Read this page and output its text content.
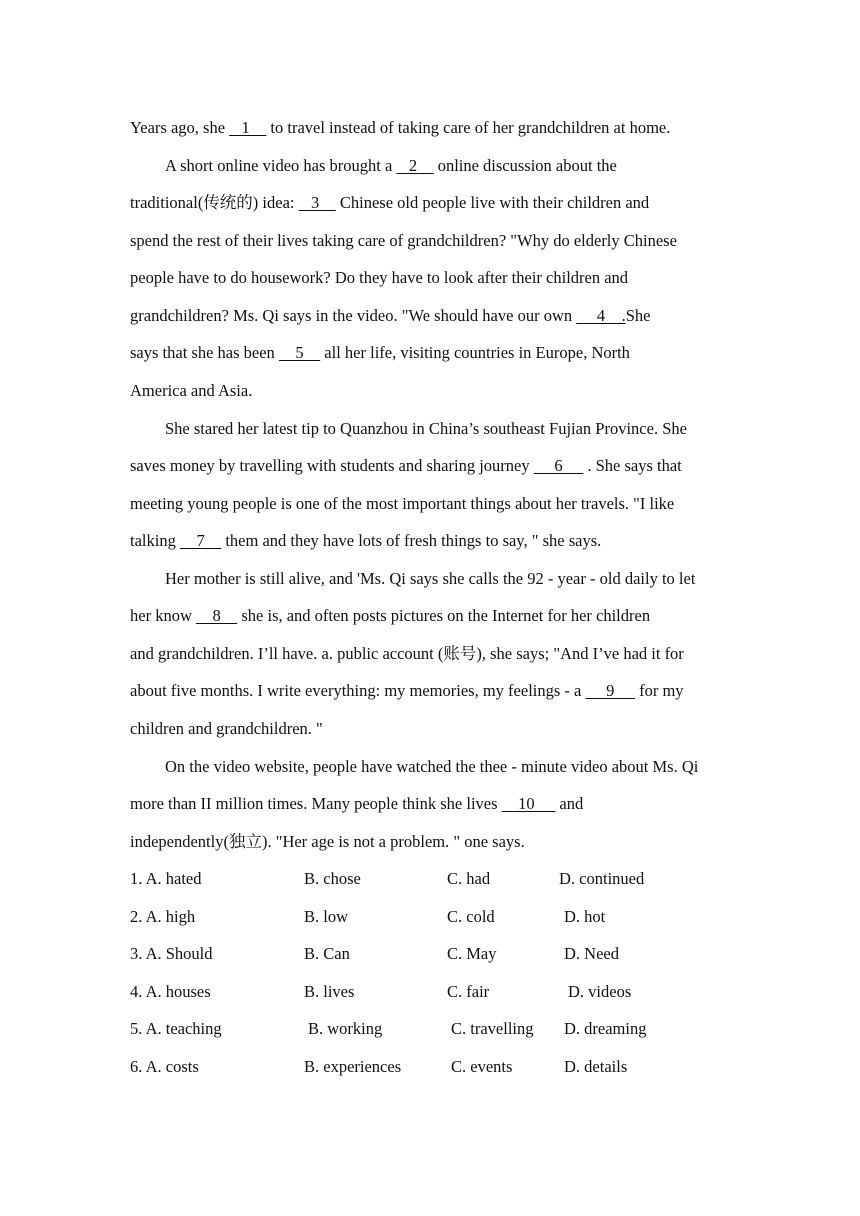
Years ago, she    1     to travel instead of taking care of her grandchildren at home.
A short online video has brought a    2     online discussion about the
traditional(传统的) idea:    3     Chinese old people live with their children and
spend the rest of their lives taking care of grandchildren? "Why do elderly Chinese
people have to do housework? Do they have to look after their children and
grandchildren? Ms. Qi says in the video. "We should have our own      4    .She
says that she has been     5     all her life, visiting countries in Europe, North
America and Asia.
She stared her latest tip to Quanzhou in China’s southeast Fujian Province. She
saves money by travelling with students and sharing journey      6      . She says that
meeting young people is one of the most important things about her travels. "I like
talking     7     them and they have lots of fresh things to say, " she says.
Her mother is still alive, and 'Ms. Qi says she calls the 92 - year - old daily to let
her know     8     she is, and often posts pictures on the Internet for her children
and grandchildren. I’ll have. a. public account (账号), she says; "And I’ve had it for
about five months. I write everything: my memories, my feelings - a      9      for my
children and grandchildren. "
On the video website, people have watched the thee - minute video about Ms. Qi
more than II million times. Many people think she lives     10      and
independently(独立). "Her age is not a problem. " one says.
1. A. hated	B. chose	C. had	D. continued
2. A. high	B. low	C. cold	D. hot
3. A. Should	B. Can	C. May	D. Need
4. A. houses	B. lives	C. fair	D. videos
5. A. teaching	B. working	C. travelling D. dreaming
6. A. costs	B. experiences	C. events	D. details
